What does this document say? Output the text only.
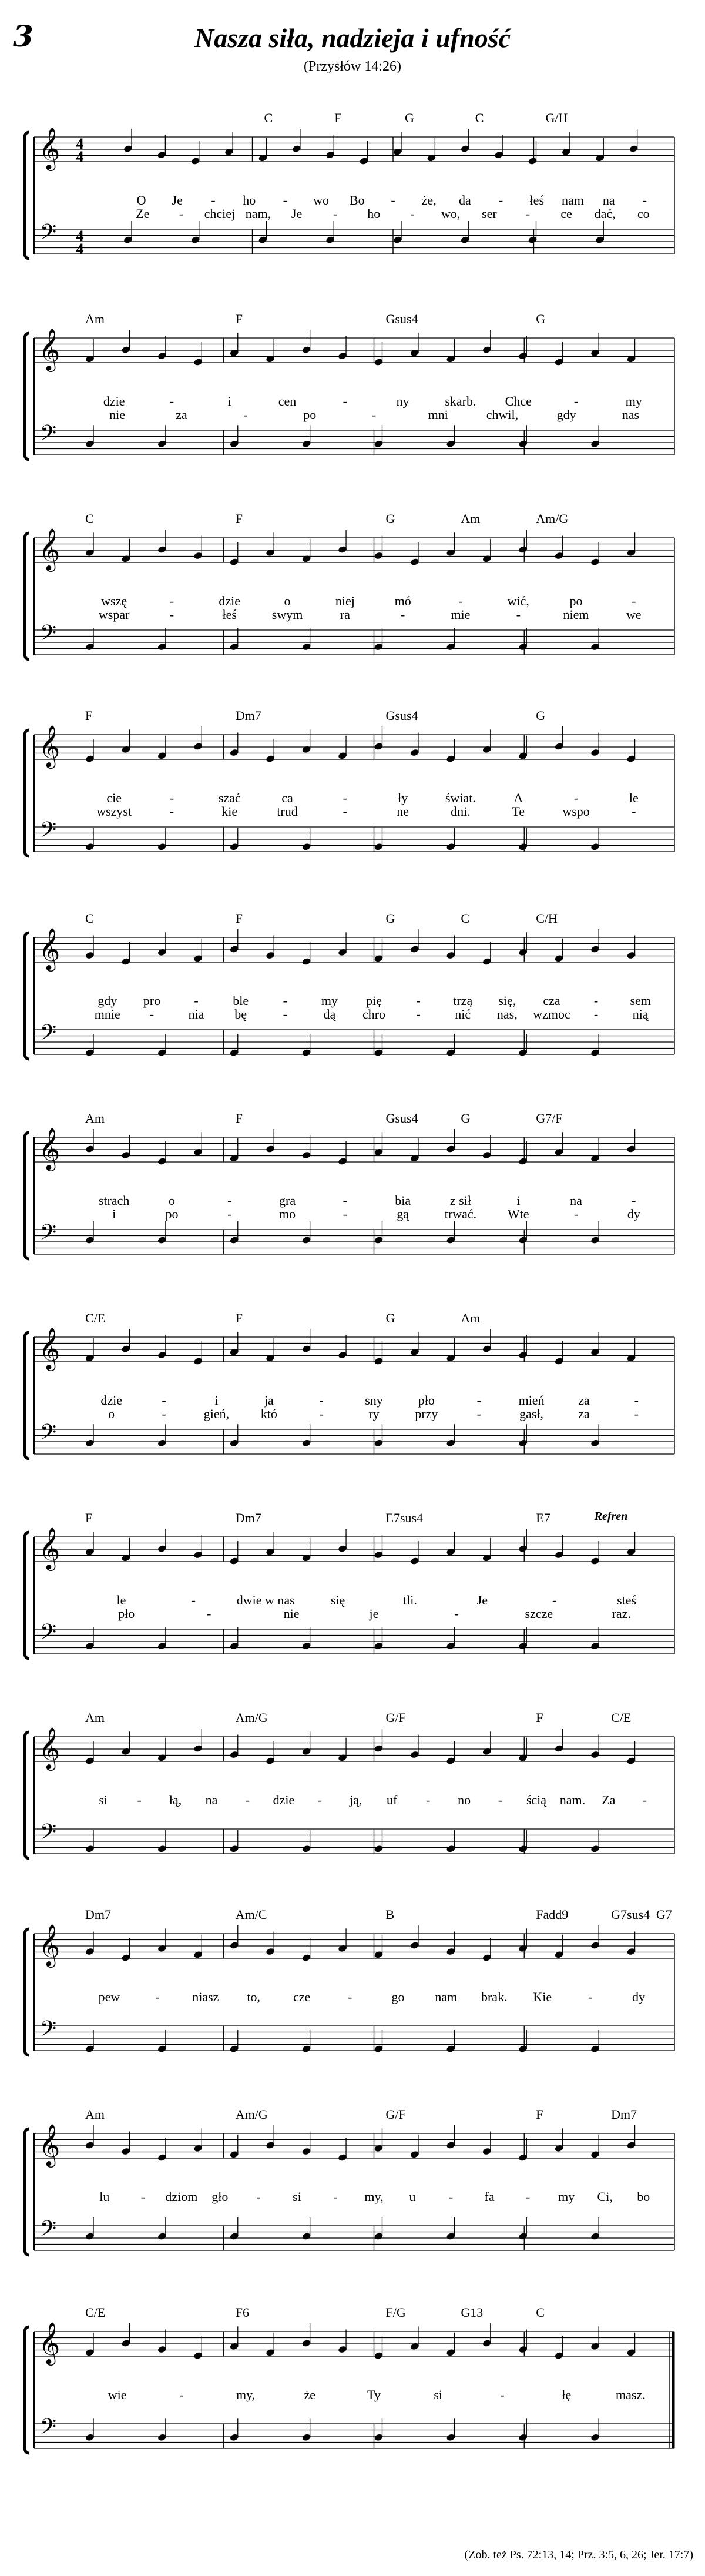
3	Nasza siła, nadzieja i ufność
(Przysłów 14:26)
𝄞
𝄢
4
4
4
4
C	F	G	C	G/H
O Je - ho - wo Bo - że, da - łeś nam na -
Ze - chciej nam, Je - ho - wo, ser - ce dać, co
𝄞
𝄢
Am	F	Gsus4	G
dzie	-	i	cen	-	ny	skarb. Chce	-	my
nie	za	-	po	-	mni	chwil,	gdy	nas
𝄞
𝄢
C	F	G	Am	Am/G
wszę	-	dzie	o	niej	mó	-	wić,	po	-
wspar	-	łeś	swym	ra	-	mie	-	niem	we
𝄞
𝄢
F	Dm7	Gsus4	G
cie	-	szać	ca	-	ły	świat.	A	-	le
wszyst	-	kie	trud	-	ne	dni.	Te	wspo	-
𝄞
𝄢
C	F	G	C	C/H
gdy pro	-	ble	-	my pię	-	trzą się, cza	- sem
mnie -	nia bę	-	dą chro -	nić nas, wzmoc -	nią
𝄞
𝄢
Am	F	Gsus4	G	G7/F
strach	o	-	gra	-	bia	z sił	i	na	-
i	po	-	mo	-	gą	trwać. Wte	-	dy
𝄞
𝄢
C/E	F	G	Am
dzie	-	i	ja	-	sny	pło	-	mień	za	-
o	-	gień, któ	-	ry	przy	-	gasł,	za	-
𝄞
𝄢
F	Dm7	E7sus4	E7	Refren
le	-	dwie w nas	się	tli.	Je	-	steś
pło	-	nie	je	-	szcze	raz.
𝄞
𝄢
Am	Am/G	G/F	F	C/E
si - łą, na - dzie - ją, uf - no - ścią nam. Za -
𝄞
𝄢
Dm7	Am/C	B	Fadd9	G7sus4 G7
pew	-	niasz to,	cze	-	go nam brak. Kie	-	dy
𝄞
𝄢
Am	Am/G	G/F	F	Dm7
lu - dziom gło - si - my, u	- fa - my Ci, bo
𝄞
𝄢
C/E	F6	F/G	G13	C
wie	-	my,	że	Ty	si	-	łę	masz.
(Zob. też Ps. 72:13, 14; Prz. 3:5, 6, 26; Jer. 17:7)
